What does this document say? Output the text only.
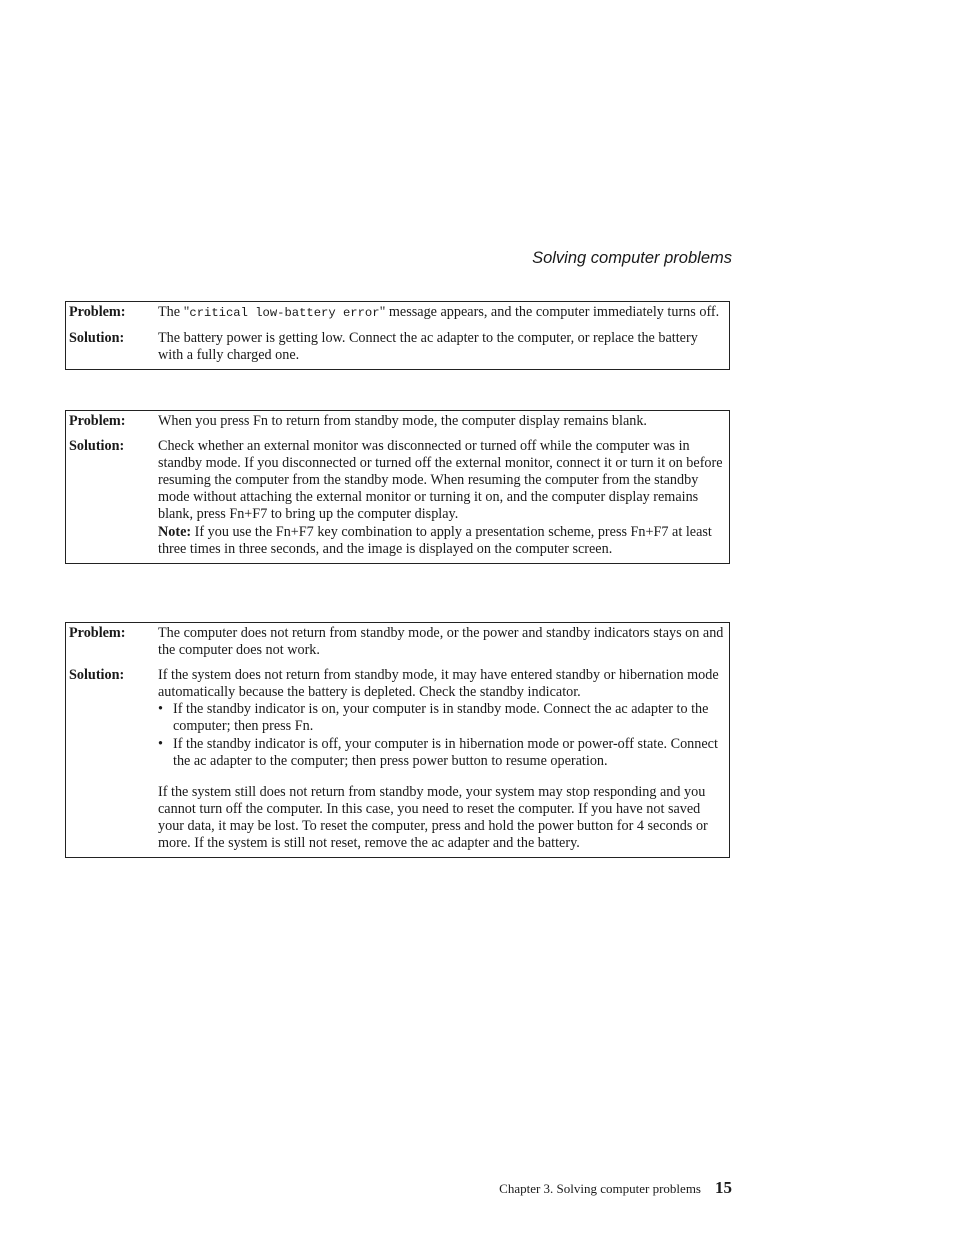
Solving computer problems
Problem:	The "critical low-battery error" message appears, and the computer immediately turns off.
Solution:	The battery power is getting low. Connect the ac adapter to the computer, or replace the battery with a fully charged one.
Problem:	When you press Fn to return from standby mode, the computer display remains blank.
Solution:	Check whether an external monitor was disconnected or turned off while the computer was in standby mode. If you disconnected or turned off the external monitor, connect it or turn it on before resuming the computer from the standby mode. When resuming the computer from the standby mode without attaching the external monitor or turning it on, and the computer display remains blank, press Fn+F7 to bring up the computer display.
Note: If you use the Fn+F7 key combination to apply a presentation scheme, press Fn+F7 at least three times in three seconds, and the image is displayed on the computer screen.
Problem:	The computer does not return from standby mode, or the power and standby indicators stays on and the computer does not work.
Solution:	If the system does not return from standby mode, it may have entered standby or hibernation mode automatically because the battery is depleted. Check the standby indicator.
• If the standby indicator is on, your computer is in standby mode. Connect the ac adapter to the computer; then press Fn.
• If the standby indicator is off, your computer is in hibernation mode or power-off state. Connect the ac adapter to the computer; then press power button to resume operation.
If the system still does not return from standby mode, your system may stop responding and you cannot turn off the computer. In this case, you need to reset the computer. If you have not saved your data, it may be lost. To reset the computer, press and hold the power button for 4 seconds or more. If the system is still not reset, remove the ac adapter and the battery.
Chapter 3. Solving computer problems 15
